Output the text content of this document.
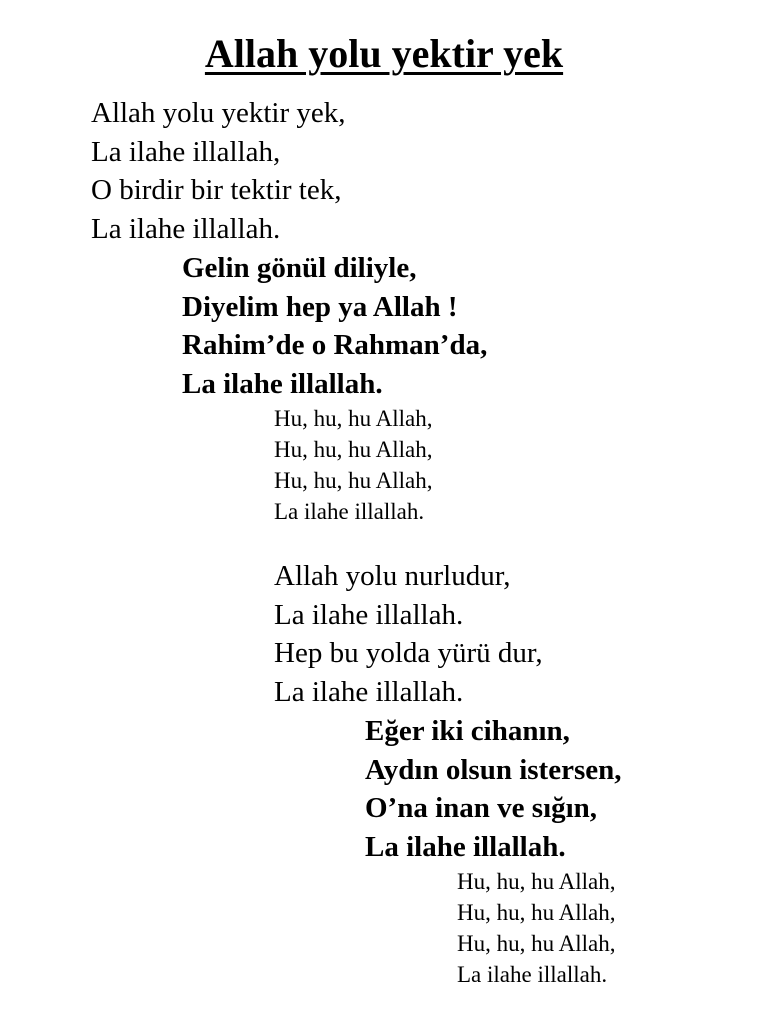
Allah yolu yektir yek
Allah yolu yektir yek,
La ilahe illallah,
O birdir bir tektir tek,
La ilahe illallah.
Gelin gönül diliyle,
Diyelim hep ya Allah !
Rahim’de o Rahman’da,
La ilahe illallah.
Hu, hu, hu Allah,
Hu, hu, hu Allah,
Hu, hu, hu Allah,
La ilahe illallah.
Allah yolu nurludur,
La ilahe illallah.
Hep bu yolda yürü dur,
La ilahe illallah.
Eğer iki cihanın,
Aydın olsun istersen,
O’na inan ve sığın,
La ilahe illallah.
Hu, hu, hu Allah,
Hu, hu, hu Allah,
Hu, hu, hu Allah,
La ilahe illallah.
